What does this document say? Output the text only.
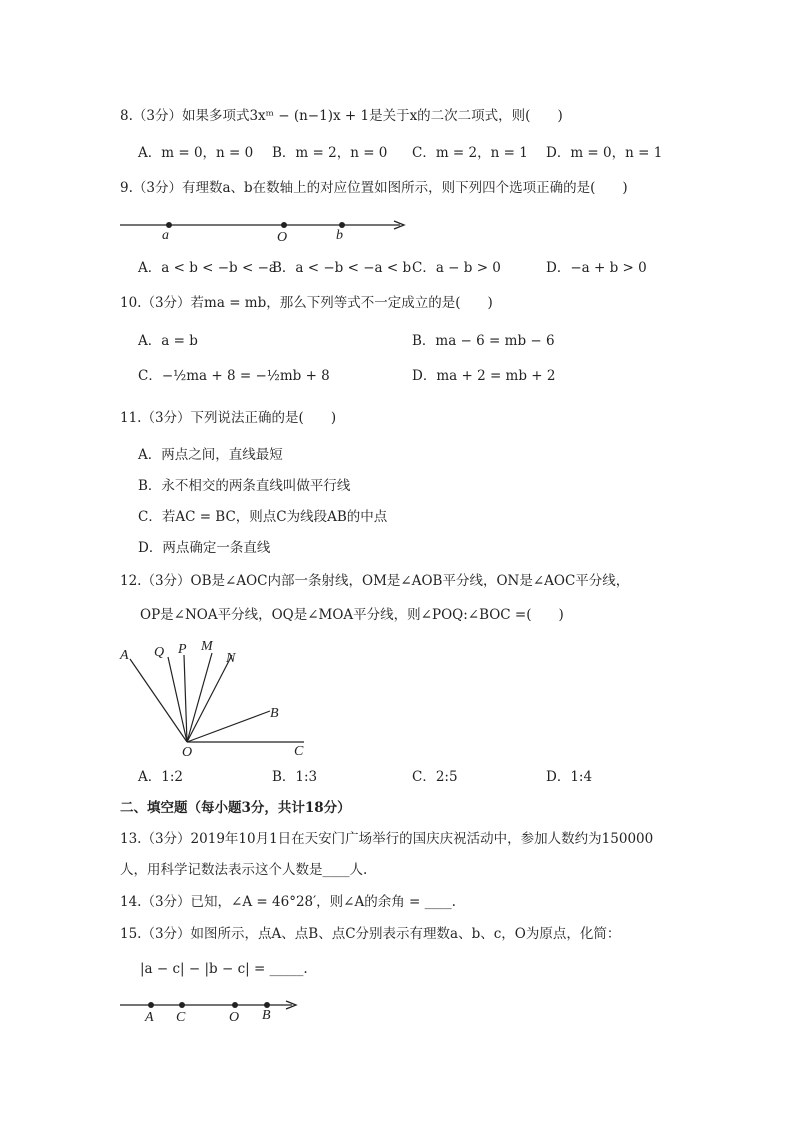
8.（3分）如果多项式3xᵐ − (n−1)x + 1是关于x的二次二项式，则(　　)
A．m = 0，n = 0 B．m = 2，n = 0 C．m = 2，n = 1 D．m = 0，n = 1
9.（3分）有理数a、b在数轴上的对应位置如图所示，则下列四个选项正确的是(　　)
a	O	b
A．a < b < −b < −a
B．a < −b < −a < b C．a − b > 0	D．−a + b > 0
10.（3分）若ma = mb，那么下列等式不一定成立的是(　　)
A．a = b	B．ma − 6 = mb − 6
C．−½ma + 8 = −½mb + 8	D．ma + 2 = mb + 2
11.（3分）下列说法正确的是(　　)
A．两点之间，直线最短
B．永不相交的两条直线叫做平行线
C．若AC = BC，则点C为线段AB的中点
D．两点确定一条直线
12.（3分）OB是∠AOC内部一条射线，OM是∠AOB平分线，ON是∠AOC平分线，
OP是∠NOA平分线，OQ是∠MOA平分线，则∠POQ:∠BOC =(　　)
A Q P M
N
B
O	C
A．1:2	B．1:3	C．2:5	D．1:4
二、填空题（每小题3分，共计18分）
13.（3分）2019年10月1日在天安门广场举行的国庆庆祝活动中，参加人数约为150000
人，用科学记数法表示这个人数是____人.
14.（3分）已知，∠A = 46°28′，则∠A的余角 = ____.
15.（3分）如图所示，点A、点B、点C分别表示有理数a、b、c，O为原点，化简：
|a − c| − |b − c| = _____.
A C	O B
